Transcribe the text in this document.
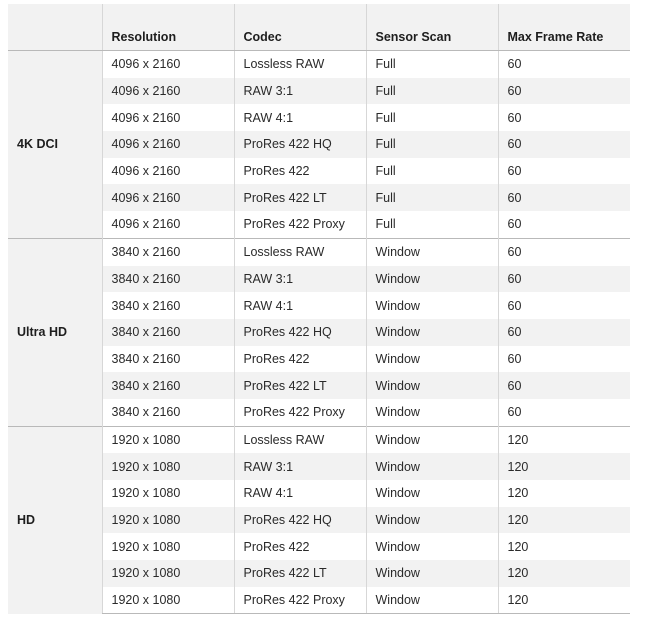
	Resolution	Codec	Sensor Scan	Max Frame Rate
4K DCI	4096 x 2160	Lossless RAW	Full	60
	4096 x 2160	RAW 3:1	Full	60
	4096 x 2160	RAW 4:1	Full	60
	4096 x 2160	ProRes 422 HQ	Full	60
	4096 x 2160	ProRes 422	Full	60
	4096 x 2160	ProRes 422 LT	Full	60
	4096 x 2160	ProRes 422 Proxy	Full	60
Ultra HD	3840 x 2160	Lossless RAW	Window	60
	3840 x 2160	RAW 3:1	Window	60
	3840 x 2160	RAW 4:1	Window	60
	3840 x 2160	ProRes 422 HQ	Window	60
	3840 x 2160	ProRes 422	Window	60
	3840 x 2160	ProRes 422 LT	Window	60
	3840 x 2160	ProRes 422 Proxy	Window	60
HD	1920 x 1080	Lossless RAW	Window	120
	1920 x 1080	RAW 3:1	Window	120
	1920 x 1080	RAW 4:1	Window	120
	1920 x 1080	ProRes 422 HQ	Window	120
	1920 x 1080	ProRes 422	Window	120
	1920 x 1080	ProRes 422 LT	Window	120
	1920 x 1080	ProRes 422 Proxy	Window	120
